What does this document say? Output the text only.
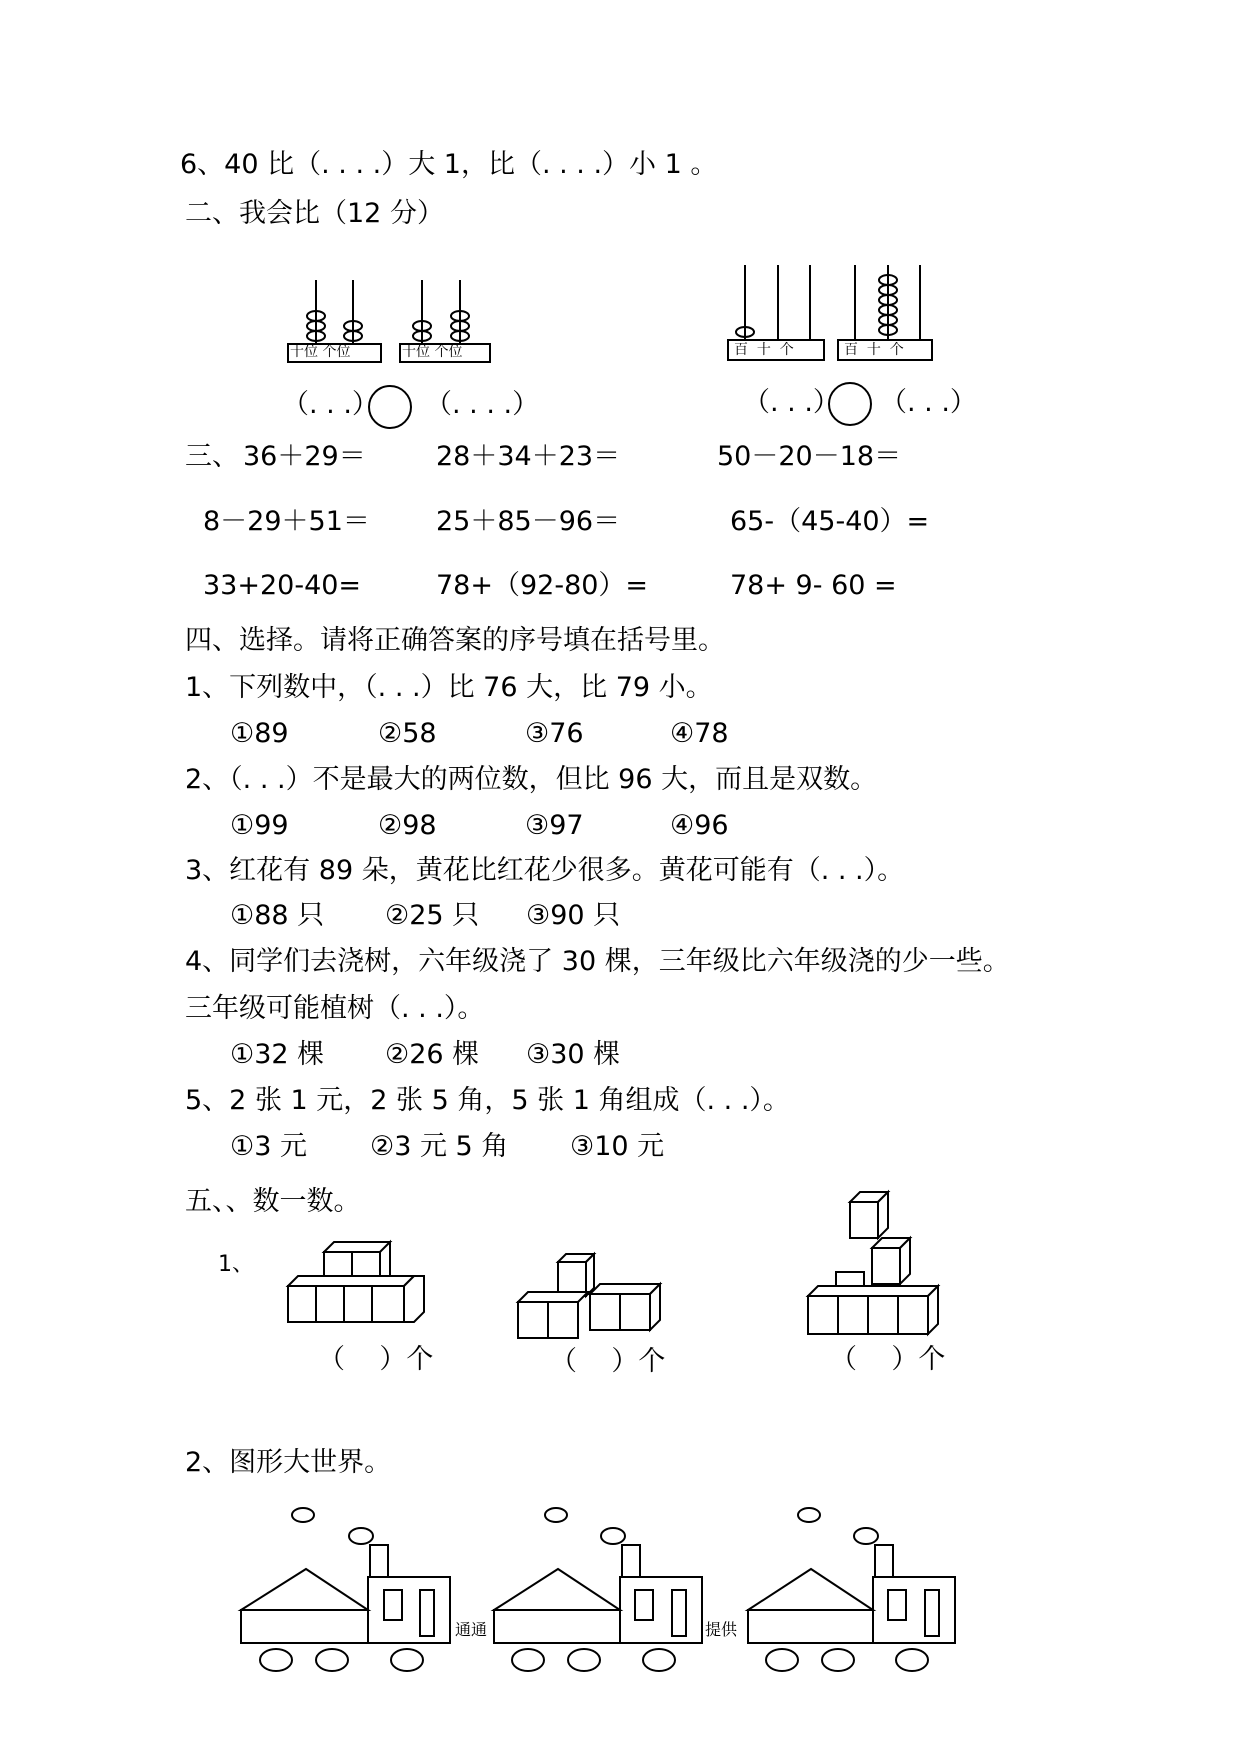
6、40 比（. . . .）大 1，比（. . . .）小 1 。
二、我会比（12 分）
十位 个位	十位 个位	百  十  个	百  十  个
（. . .） （. . . .）	（. . .） （. . .）
三、 36＋29＝	28＋34＋23＝	50－20－18＝
8－29＋51＝ 25＋85－96＝	65-（45-40）=
33+20-40=	78+（92-80）=	78+ 9- 60 =
四、选择。请将正确答案的序号填在括号里。
1、下列数中，（. . .）比 76 大，比 79 小。
①89	②58	③76	④78
2、（. . .）不是最大的两位数，但比 96 大，而且是双数。
①99	②98	③97	④96
3、红花有 89 朵，黄花比红花少很多。黄花可能有（. . .）。
①88 只 ②25 只 ③90 只
4、同学们去浇树，六年级浇了 30 棵，三年级比六年级浇的少一些。
三年级可能植树（. . .）。
①32 棵 ②26 棵 ③30 棵
5、2 张 1 元，2 张 5 角，5 张 1 角组成（. . .）。
①3 元 ②3 元 5 角 ③10 元
五、、数一数。
1、
（    ）个	（    ）个	（    ）个
2、图形大世界。
通通	提供
